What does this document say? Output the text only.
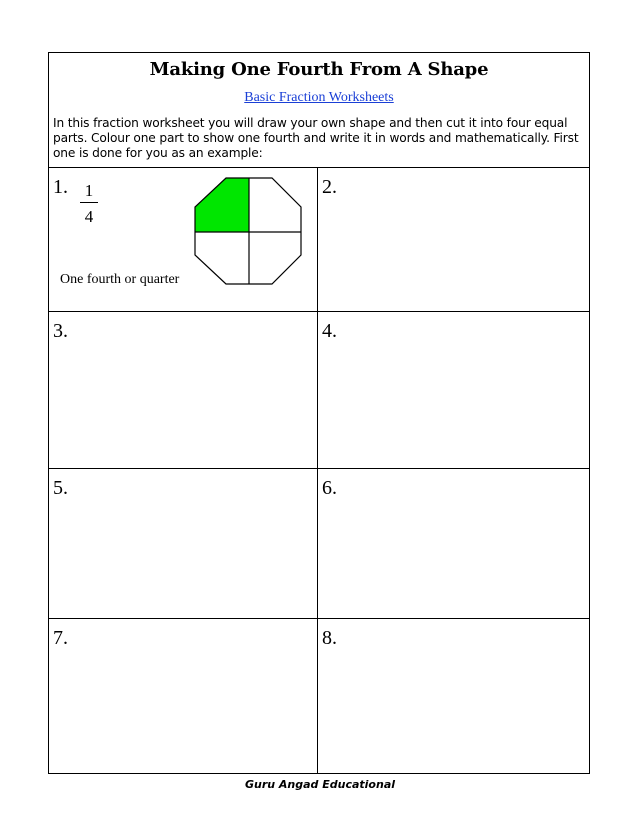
Making One Fourth From A Shape
Basic Fraction Worksheets
In this fraction worksheet you will draw your own shape and then cut it into four equal parts. Colour one part to show one fourth and write it in words and mathematically. First one is done for you as an example:
1. 1
4
One fourth or quarter
2.
3.	4.
5.	6.
7.	8.
Guru Angad Educational
